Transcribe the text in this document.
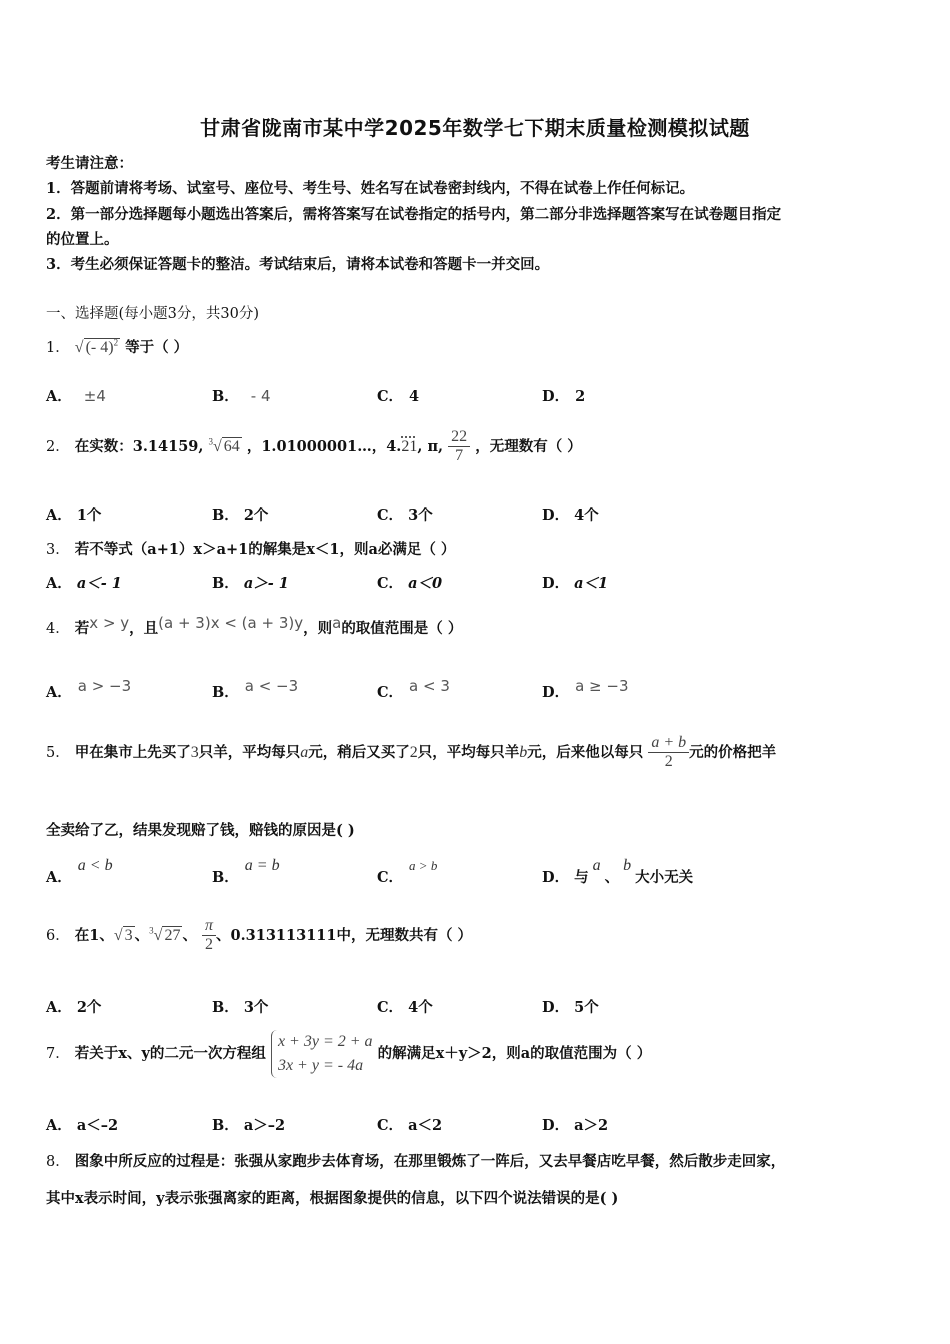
甘肃省陇南市某中学2025年数学七下期末质量检测模拟试题
考生请注意：
1．答题前请将考场、试室号、座位号、考生号、姓名写在试卷密封线内，不得在试卷上作任何标记。
2．第一部分选择题每小题选出答案后，需将答案写在试卷指定的括号内，第二部分非选择题答案写在试卷题目指定
的位置上。
3．考生必须保证答题卡的整洁。考试结束后，请将本试卷和答题卡一并交回。
一、选择题(每小题3分，共30分)
1． √ (- 4)$^2$ 等于（ ）
A． ±4	B． - 4	C． 4	D． 2
2． 在实数：3.14159, $^3$√ 64 ，1.01000001…，4.21, π, $\frac{22}{7}$ ，无理数有（ ）
A． 1个	B． 2个	C． 3个	D． 4个
3． 若不等式（a+1）x＞a+1的解集是x＜1，则a必满足（ ）
A． a＜- 1	B． a＞- 1	C． a＜0	D． a＜1
4． 若x > y，且(a + 3)x < (a + 3)y，则a的取值范围是（ ）
A． a > −3	B． a < −3	C． a < 3	D． a ≥ −3
5． 甲在集市上先买了3只羊，平均每只a元，稍后又买了2只，平均每只羊b元，后来他以每只 $\frac{a + b}{2}$ 元的价格把羊
全卖给了乙，结果发现赔了钱，赔钱的原因是( )
A．a < b
B．a = b
C．a > b
D． 与a、b大小无关
6． 在1、√ 3 、$^3$√ 27 、 $\frac{\pi}{2}$ 、0.313113111中，无理数共有（ ）
A． 2个	B． 3个	C． 4个	D． 5个
7． 若关于x、y的二元一次方程组
x + 3y = 2 + a
3x + y = - 4a
的解满足x＋y＞2，则a的取值范围为（ ）
A． a＜–2	B． a＞–2	C． a＜2	D． a＞2
8． 图象中所反应的过程是：张强从家跑步去体育场，在那里锻炼了一阵后，又去早餐店吃早餐，然后散步走回家，
其中x表示时间，y表示张强离家的距离，根据图象提供的信息，以下四个说法错误的是( )
